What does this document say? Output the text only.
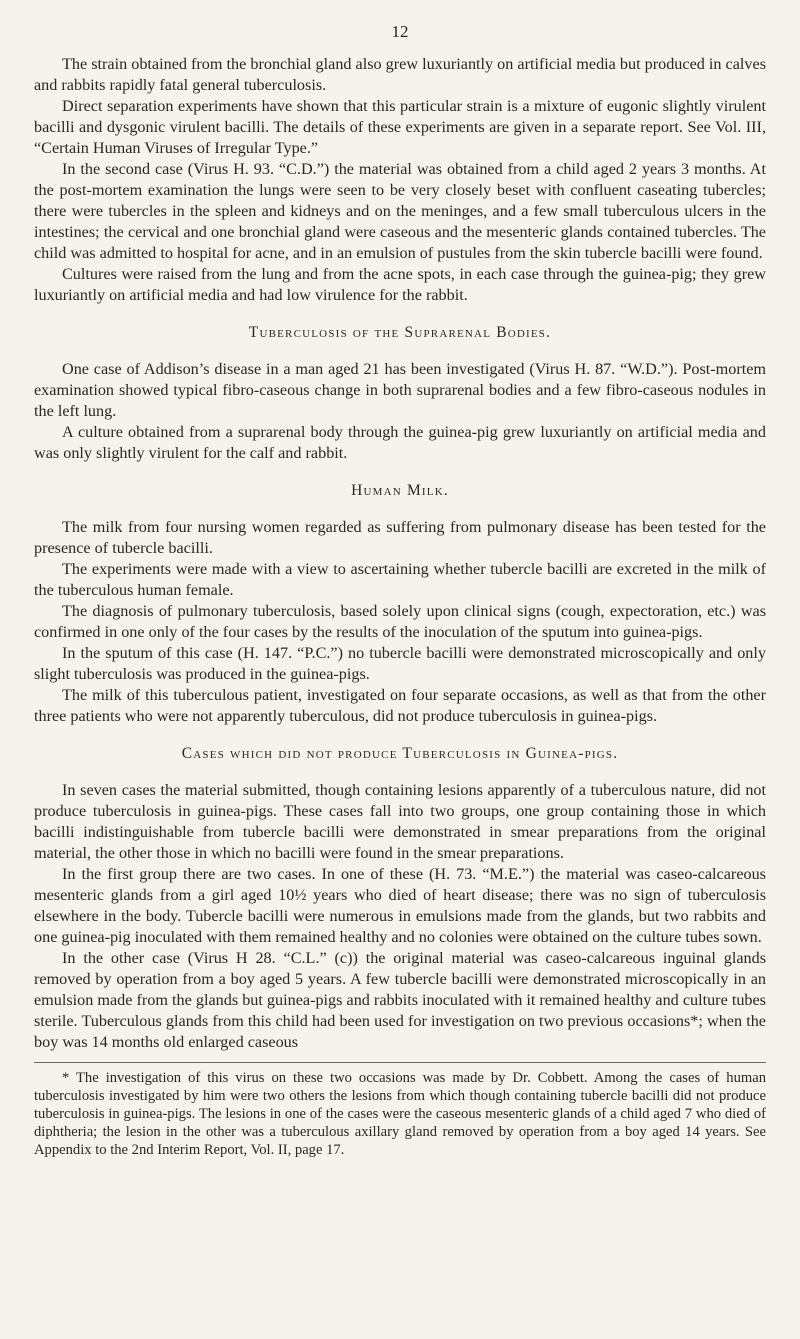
12

The strain obtained from the bronchial gland also grew luxuriantly on artificial media but produced in calves and rabbits rapidly fatal general tuberculosis.

Direct separation experiments have shown that this particular strain is a mixture of eugonic slightly virulent bacilli and dysgonic virulent bacilli. The details of these experiments are given in a separate report. See Vol. III, “Certain Human Viruses of Irregular Type.”

In the second case (Virus H. 93. “C.D.”) the material was obtained from a child aged 2 years 3 months. At the post-mortem examination the lungs were seen to be very closely beset with confluent caseating tubercles; there were tubercles in the spleen and kidneys and on the meninges, and a few small tuberculous ulcers in the intestines; the cervical and one bronchial gland were caseous and the mesenteric glands contained tubercles. The child was admitted to hospital for acne, and in an emulsion of pustules from the skin tubercle bacilli were found.

Cultures were raised from the lung and from the acne spots, in each case through the guinea-pig; they grew luxuriantly on artificial media and had low virulence for the rabbit.

Tuberculosis of the Suprarenal Bodies.

One case of Addison’s disease in a man aged 21 has been investigated (Virus H. 87. “W.D.”). Post-mortem examination showed typical fibro-caseous change in both suprarenal bodies and a few fibro-caseous nodules in the left lung.

A culture obtained from a suprarenal body through the guinea-pig grew luxuriantly on artificial media and was only slightly virulent for the calf and rabbit.

Human Milk.

The milk from four nursing women regarded as suffering from pulmonary disease has been tested for the presence of tubercle bacilli.

The experiments were made with a view to ascertaining whether tubercle bacilli are excreted in the milk of the tuberculous human female.

The diagnosis of pulmonary tuberculosis, based solely upon clinical signs (cough, expectoration, etc.) was confirmed in one only of the four cases by the results of the inoculation of the sputum into guinea-pigs.

In the sputum of this case (H. 147. “P.C.”) no tubercle bacilli were demonstrated microscopically and only slight tuberculosis was produced in the guinea-pigs.

The milk of this tuberculous patient, investigated on four separate occasions, as well as that from the other three patients who were not apparently tuberculous, did not produce tuberculosis in guinea-pigs.

Cases which did not produce Tuberculosis in Guinea-pigs.

In seven cases the material submitted, though containing lesions apparently of a tuberculous nature, did not produce tuberculosis in guinea-pigs. These cases fall into two groups, one group containing those in which bacilli indistinguishable from tubercle bacilli were demonstrated in smear preparations from the original material, the other those in which no bacilli were found in the smear preparations.

In the first group there are two cases. In one of these (H. 73. “M.E.”) the material was caseo-calcareous mesenteric glands from a girl aged 10½ years who died of heart disease; there was no sign of tuberculosis elsewhere in the body. Tubercle bacilli were numerous in emulsions made from the glands, but two rabbits and one guinea-pig inoculated with them remained healthy and no colonies were obtained on the culture tubes sown.

In the other case (Virus H 28. “C.L.” (c)) the original material was caseo-calcareous inguinal glands removed by operation from a boy aged 5 years. A few tubercle bacilli were demonstrated microscopically in an emulsion made from the glands but guinea-pigs and rabbits inoculated with it remained healthy and culture tubes sterile. Tuberculous glands from this child had been used for investigation on two previous occasions*; when the boy was 14 months old enlarged caseous

* The investigation of this virus on these two occasions was made by Dr. Cobbett. Among the cases of human tuberculosis investigated by him were two others the lesions from which though containing tubercle bacilli did not produce tuberculosis in guinea-pigs. The lesions in one of the cases were the caseous mesenteric glands of a child aged 7 who died of diphtheria; the lesion in the other was a tuberculous axillary gland removed by operation from a boy aged 14 years. See Appendix to the 2nd Interim Report, Vol. II, page 17.
